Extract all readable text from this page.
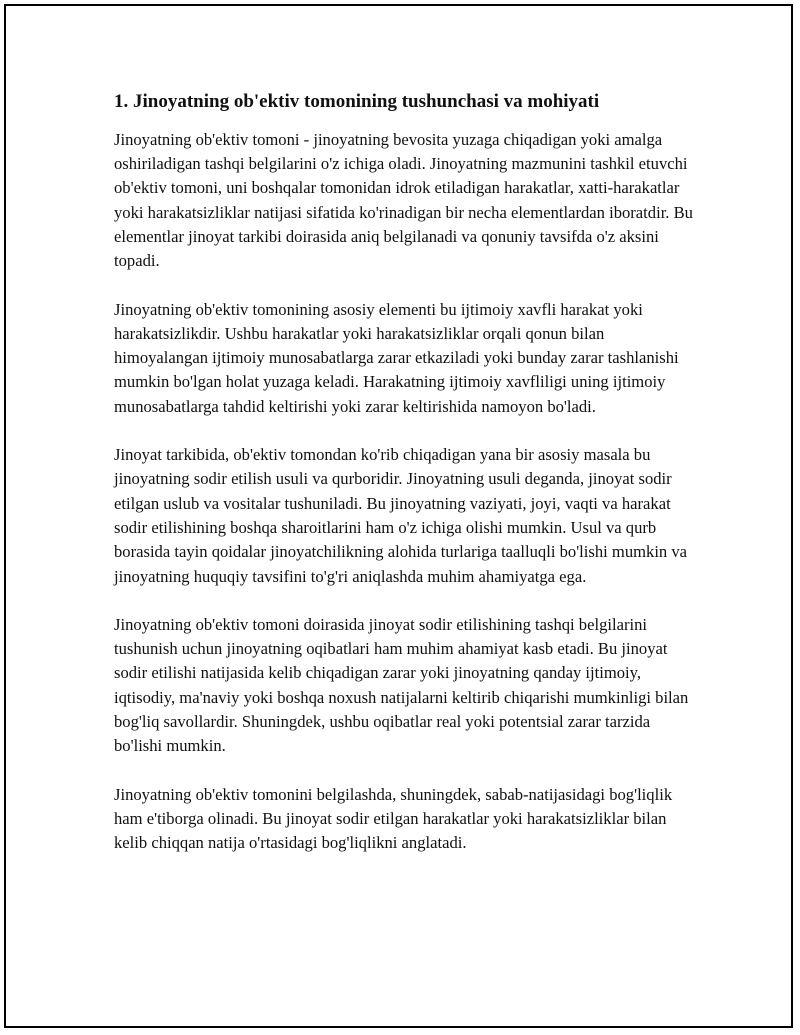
1. Jinoyatning ob'ektiv tomonining tushunchasi va mohiyati

Jinoyatning ob'ektiv tomoni - jinoyatning bevosita yuzaga chiqadigan yoki amalga oshiriladigan tashqi belgilarini o'z ichiga oladi. Jinoyatning mazmunini tashkil etuvchi ob'ektiv tomoni, uni boshqalar tomonidan idrok etiladigan harakatlar, xatti-harakatlar yoki harakatsizliklar natijasi sifatida ko'rinadigan bir necha elementlardan iboratdir. Bu elementlar jinoyat tarkibi doirasida aniq belgilanadi va qonuniy tavsifda o'z aksini topadi.

Jinoyatning ob'ektiv tomonining asosiy elementi bu ijtimoiy xavfli harakat yoki harakatsizlikdir. Ushbu harakatlar yoki harakatsizliklar orqali qonun bilan himoyalangan ijtimoiy munosabatlarga zarar etkaziladi yoki bunday zarar tashlanishi mumkin bo'lgan holat yuzaga keladi. Harakatning ijtimoiy xavfliligi uning ijtimoiy munosabatlarga tahdid keltirishi yoki zarar keltirishida namoyon bo'ladi.

Jinoyat tarkibida, ob'ektiv tomondan ko'rib chiqadigan yana bir asosiy masala bu jinoyatning sodir etilish usuli va qurboridir. Jinoyatning usuli deganda, jinoyat sodir etilgan uslub va vositalar tushuniladi. Bu jinoyatning vaziyati, joyi, vaqti va harakat sodir etilishining boshqa sharoitlarini ham o'z ichiga olishi mumkin. Usul va qurb borasida tayin qoidalar jinoyatchilikning alohida turlariga taalluqli bo'lishi mumkin va jinoyatning huquqiy tavsifini to'g'ri aniqlashda muhim ahamiyatga ega.

Jinoyatning ob'ektiv tomoni doirasida jinoyat sodir etilishining tashqi belgilarini tushunish uchun jinoyatning oqibatlari ham muhim ahamiyat kasb etadi. Bu jinoyat sodir etilishi natijasida kelib chiqadigan zarar yoki jinoyatning qanday ijtimoiy, iqtisodiy, ma'naviy yoki boshqa noxush natijalarni keltirib chiqarishi mumkinligi bilan bog'liq savollardir. Shuningdek, ushbu oqibatlar real yoki potentsial zarar tarzida bo'lishi mumkin.

Jinoyatning ob'ektiv tomonini belgilashda, shuningdek, sabab-natijasidagi bog'liqlik ham e'tiborga olinadi. Bu jinoyat sodir etilgan harakatlar yoki harakatsizliklar bilan kelib chiqqan natija o'rtasidagi bog'liqlikni anglatadi.
